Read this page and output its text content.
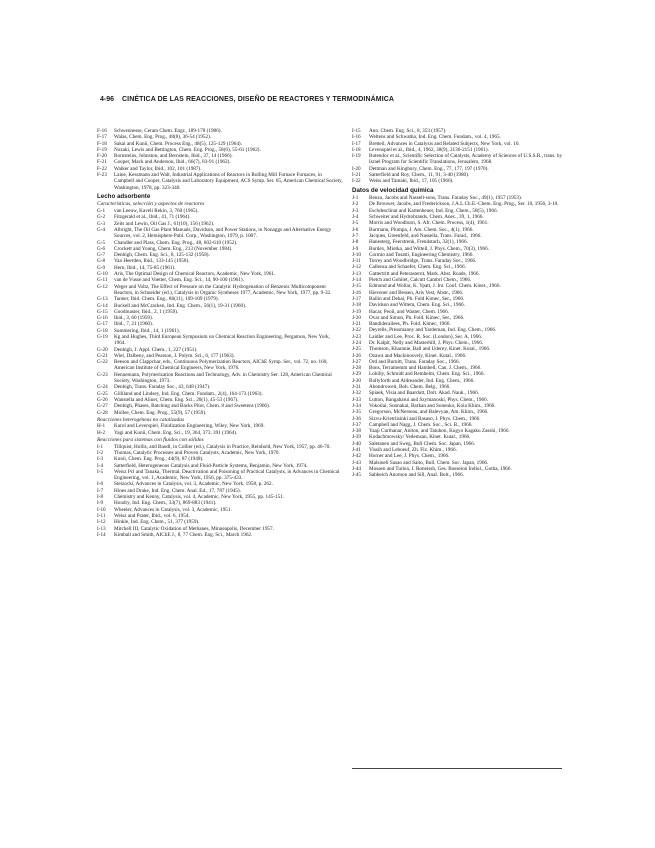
4-96 CINÉTICA DE LAS REACCIONES, DISEÑO DE REACTORES Y TERMODINÁMICA
F-16	Schwennesse, Ceram Chem. Engr., 189-178 (1986).
F-17	Walas, Chem. Eng. Prog., 48(8), 36-54 (1952).
F-18	Sakai and Kunii, Chem. Process Eng., 48(5), 125-129 (1964).
F-19	Nozaki, Lewis and Bettington, Chem. Eng. Prog., 58(6), 55-61 (1962).
F-20	Bornsteins, Johnston, and Bernstein, Ibid., 37, 14 (1966).
F-21	Cooper, Mack and Anderson, Ibid., 66(7), 83-91 (1962).
F-22	Walker and Taylor, Ibid., 102, 101 (1987).
F-23	Laine, Kessmann and Walt, Industrial Applications of Reactors in Rolling Mill Furnace Furnaces, in Campbell and Cooper, Catalysis and Laboratory Equipment, ACS Symp. Ser. 65, American Chemical Society, Washington, 1978, pp. 323-340.
Lecho adsorbente
Características, selección y aspectos de reactores
G-1	van Leeuw, Kaveli Rekin, 3, 760 (1965).
G-2	Fitzgerald et al., Ibid., 41, 71 (1964).
G-3	Zeits and Lewin, Oil Gas J., 61(10), 156 (1962).
G-4	Albright, The Oil Gas Plant Manuals, Davidson, and Power Stations, in Nonaggs and Alternative Energy Sources, vol. 2, Hemisphere Publ. Corp., Washington, 1979, p. 1007.
G-5	Chandler and Plass, Chem. Eng. Prog., 48, 602-610 (1952).
G-6	Crockett and Young, Chem. Eng., 213 (November 1984).
G-7	Denbigh, Chem. Eng. Sci., 8, 125-132 (1958).
G-8	Van Heerden, Ibid., 133-145 (1958).
G-9	Hern, Ibid., 14, 75-85 (1961).
G-10	Aris, The Optimal Design of Chemical Reactors, Academic, New York, 1961.
G-11	van de Vusse and Voetter, Chem. Eng. Sci., 14, 90-100 (1961).
G-12	Weger and Voltz, The Effect of Pressure on the Catalytic Hydrogenation of Benzenic Multicomponent Reactors, in Schneider (ed.), Catalysis in Organic Syntheses 1977, Academic, New York, 1977, pp. 9-32.
G-13	Tanner, Ibid. Chem. Eng., 86(11), 109-109 (1979).
G-14	Buckell and McCracken, Ind. Eng. Chem., 56(1), 19-31 (1960).
G-15	Goodmaster, Ibid., 2, 1 (1959).
G-16	Ibid., 3, 60 (1959).
G-17	Ibid., 7, 21 (1960).
G-18	Summering, Ibid., 14, 1 (1961).
G-19	Kg and Hughes, Third European Symposium on Chemical Reaction Engineering, Pergamon, New York, 1964.
G-20	Denbigh, J. Appl. Chem., 1, 227 (1951).
G-21	Wiel, Dalbeny, and Pearson, J. Polym. Sci., 6, 177 (1963).
G-22	Beeson and Clappchar, eds., Continuous Polymerization Reactors, AIChE Symp. Ser., vol. 72, no. 160, American Institute of Chemical Engineers, New York, 1976.
G-23	Hennemann, Polymerization Reactions and Technology, Adv. in Chemistry Ser. 128, American Chemical Society, Washington, 1973.
G-24	Denbigh, Trans. Faraday Soc., 43, 648 (1947).
G-25	Gilliland and Lindsey, Ind. Eng. Chem. Fundam., 2(4), 164-173 (1963).
G-26	Wanstella and Aliner, Chem. Eng. Sci., 20(1), 45-53 (1967).
G-27	Denbigh, Phases, Batching and Backs Pilot, Chem. 8 and Sweetens (1966).
G-28	Mollee, Chem. Eng. Prog., 55(9), 57 (1959).
Reacciones heterogéneas no catalizadas
H-1	Karol and Leverspiel, Fluidization Engineering, Wiley, New York, 1969.
H-2	Yagi and Kunii, Chem. Eng. Sci., 19, 364, 373, 391 (1964).
Reacciones para sistemas con fluidos con sólidos
I-1	Tillquist, Hollis, and Baudl, in Collier (ed.), Catalysis in Practice, Reinhold, New York, 1957, pp. 46-70.
I-2	Thomas, Catalytic Processes and Proven Catalysts, Academic, New York, 1970.
I-3	Kunii, Chem. Eng. Prog., 44(9), 87 (1948).
I-4	Satterfield, Heterogeneous Catalysis and Fluid-Particle Systems, Benjamin, New York, 1974.
I-5	Weisz Pcl and Tanaka, Thermal, Deactivation and Poisoning of Practical Catalysts, in Advances in Chemical Engineering, vol. 1, Academic, New York, 1956, pp. 375-433.
I-6	Steizocki, Advances in Catalysis, vol. 3, Academic, New York, 1958, p. 262.
I-7	Hines and Drake, Ind. Eng. Chem. Anal. Ed., 17, 787 (1945).
I-8	Chemistry and Kenny, Catalysis, vol. 4, Academic, New York, 1955, pp. 145-151.
I-9	Houdry, Ind. Eng. Chem., 33(7), 869-883 (1941).
I-10	Wheeler, Advances in Catalysis, vol. 3, Academic, 1951.
I-11	Weisz and Prater, Ibid., vol. 6, 1954.
I-12	Hinkle, Ind. Eng. Chem., 51, 377 (1959).
I-13	Mitchell III, Catalytic Oxidation of Methanes, Minneapolis, December 1957.
I-14	Kimball and Smith, AIChE J., 8, 77 Chem. Eng. Sci., March 1962.
I-15	Ann. Chem. Eng. Sci., 8, 353 (1957).
I-16	Weltens and Schwatha, Ind. Eng. Chem. Fundam., vol. 4, 1965.
I-17	Bretteil, Advances in Catalysis and Related Subjects, New York, vol. 10.
I-18	Levenspiel et al., Ibid., 4, 1962, 38(9), 2136-2151 (1961).
I-19	Butendoc et al., Scientific Selection of Catalysts, Academy of Sciences of U.S.S.R., trans. by Israel Program for Scientific Translations, Jerusalem, 1968.
I-20	Dettman and Kingbury, Chem. Eng., 77, 177, 197 (1970).
I-21	Satterfield and Roy, Chem., 11, 91, 3-40 (1980).
I-22	Weiss and Tamaki, Ibid., 17, 105 (1966).
Datos de velocidad química
J-1	Benzo, Jacobs and Nassell-sons, Trans. Faraday Soc., 49(1), 1957 (1953).
J-2	De Brouwer, Jacobs, and Frederickson, J.A.L.Ch.E.-Chem. Eng. Prog., Ser. 10, 1956, 3-10.
J-3	Eschdesclinat and Kartenheuer, Ind. Eng. Chem., 58(5), 1966.
J-4	Schweiter and Hydrobrands, Chem. Anec., 39, 1, 1966.
J-5	Morris and Woodburn, S. Afr. Chem. Process, 1(4), 1961.
J-6	Burmann, Plumpa, J. Am. Chem. Soc., 4(1), 1966.
J-7	Jacques, Greenfeld, and Nassella, Trans. Farad., 1966.
J-8	Hanesterg, Feerstrenk, Frendstach, 32(1), 1966.
J-9	Burdex, Miotka, and Wittell, J. Phys. Chem., 70(3), 1966.
J-10	Cormio and Tosatti, Engineering Chemistry, 1966.
J-11	Torrey and Woodbridge, Trans. Faraday Soc., 1966.
J-12	Callenza and Schaefer, Chem. Eng. Sci., 1966.
J-13	Gattertritt and Peterasternt, Mark. Abst. Roads, 1966.
J-14	Pietch and Gohliet, Calcutt Cambri Chem., 1966.
J-15	Edmond and Wollar, K. Ypatt, J. Int. Conf. Chem. Kinet., 1966.
J-16	Hievener and Bessen, Aris Vest, Abstr., 1966.
J-17	Bailin and Debai, Ph. Fold Kimec, Ser., 1966.
J-18	Davidson and Wittem, Chem. Eng. Sci., 1966.
J-19	Hacar, Peoil, and Waster, Chem. 1966.
J-20	Ovar and Simon, Ph. Fold. Kimec, Ser., 1966.
J-21	Bandiderailees, Ph. Fold. Kimec, 1966.
J-22	Deyrells, Pressmanny and Yardeman, Ind. Eng. Chem., 1966.
J-23	Laidler and Lee, Proc. R. Soc. (London), Ser. A, 1966.
J-24	Dr. Kalpit, Nelly and Masterhill, J. Phys. Chem., 1966.
J-25	Thomson, Kharanie, Ball and Uderey, Kinet. Kutal., 1966.
J-26	Ozawa and Mackinosvely, Kinet. Kutal., 1966.
J-27	Ord and Burnitt, Trans. Faraday Soc., 1966.
J-28	Bons, Terramemm and Hambell, Can. J. Chem., 1966.
J-29	Lobilly, Schmidt and Remhelm, Chem. Eng. Sci., 1966.
J-30	Bullyforth and Aldreander, Ind. Eng. Chem., 1966.
J-31	Abondroweit, Boh. Chem. Belg., 1966.
J-32	Spiaek, Visia and Baardutt, Dolt. Akad. Nauk., 1966.
J-33	Lutton, Bangabarui and Szymanoski, Phys. Chem., 1966.
J-34	Vokoilai, Sonnakai, Barkan and Sonenko, Kola Khim., 1966.
J-35	Gregorson, McNerseau, and Balevyan, Am. Khim., 1966.
J-36	Sizvu-Krietriisinki and Basaso, J. Phys. Chem., 1966.
J-37	Campbell and Nagg, J. Chem. Soc., Sci. B., 1966.
J-38	Yaaji Curthanar, Aniton, and Tatuhon, Kogyo Kagaku Zasshi, 1966.
J-39	Kodachmowsky/ Yedemsan, Kinet. Kutal., 1966.
J-40	Saletanen and Sweg, Bull Chem. Soc. Japan, 1966.
J-41	Vissih and Leboeuf, Zh. Fiz. Khim., 1966.
J-42	Horner and Lee, J. Phys. Chem., 1966.
J-43	Malsineli Sasao and Saito, Bull. Chem. Soc. Japan, 1966.
J-44	Mosaen and Turiea, J. Roneissh, Ges. Bosseion Indiol., Gotha, 1966.
J-45	Sabbeich Anomon and Sill, Anal. Bolt., 1966.
